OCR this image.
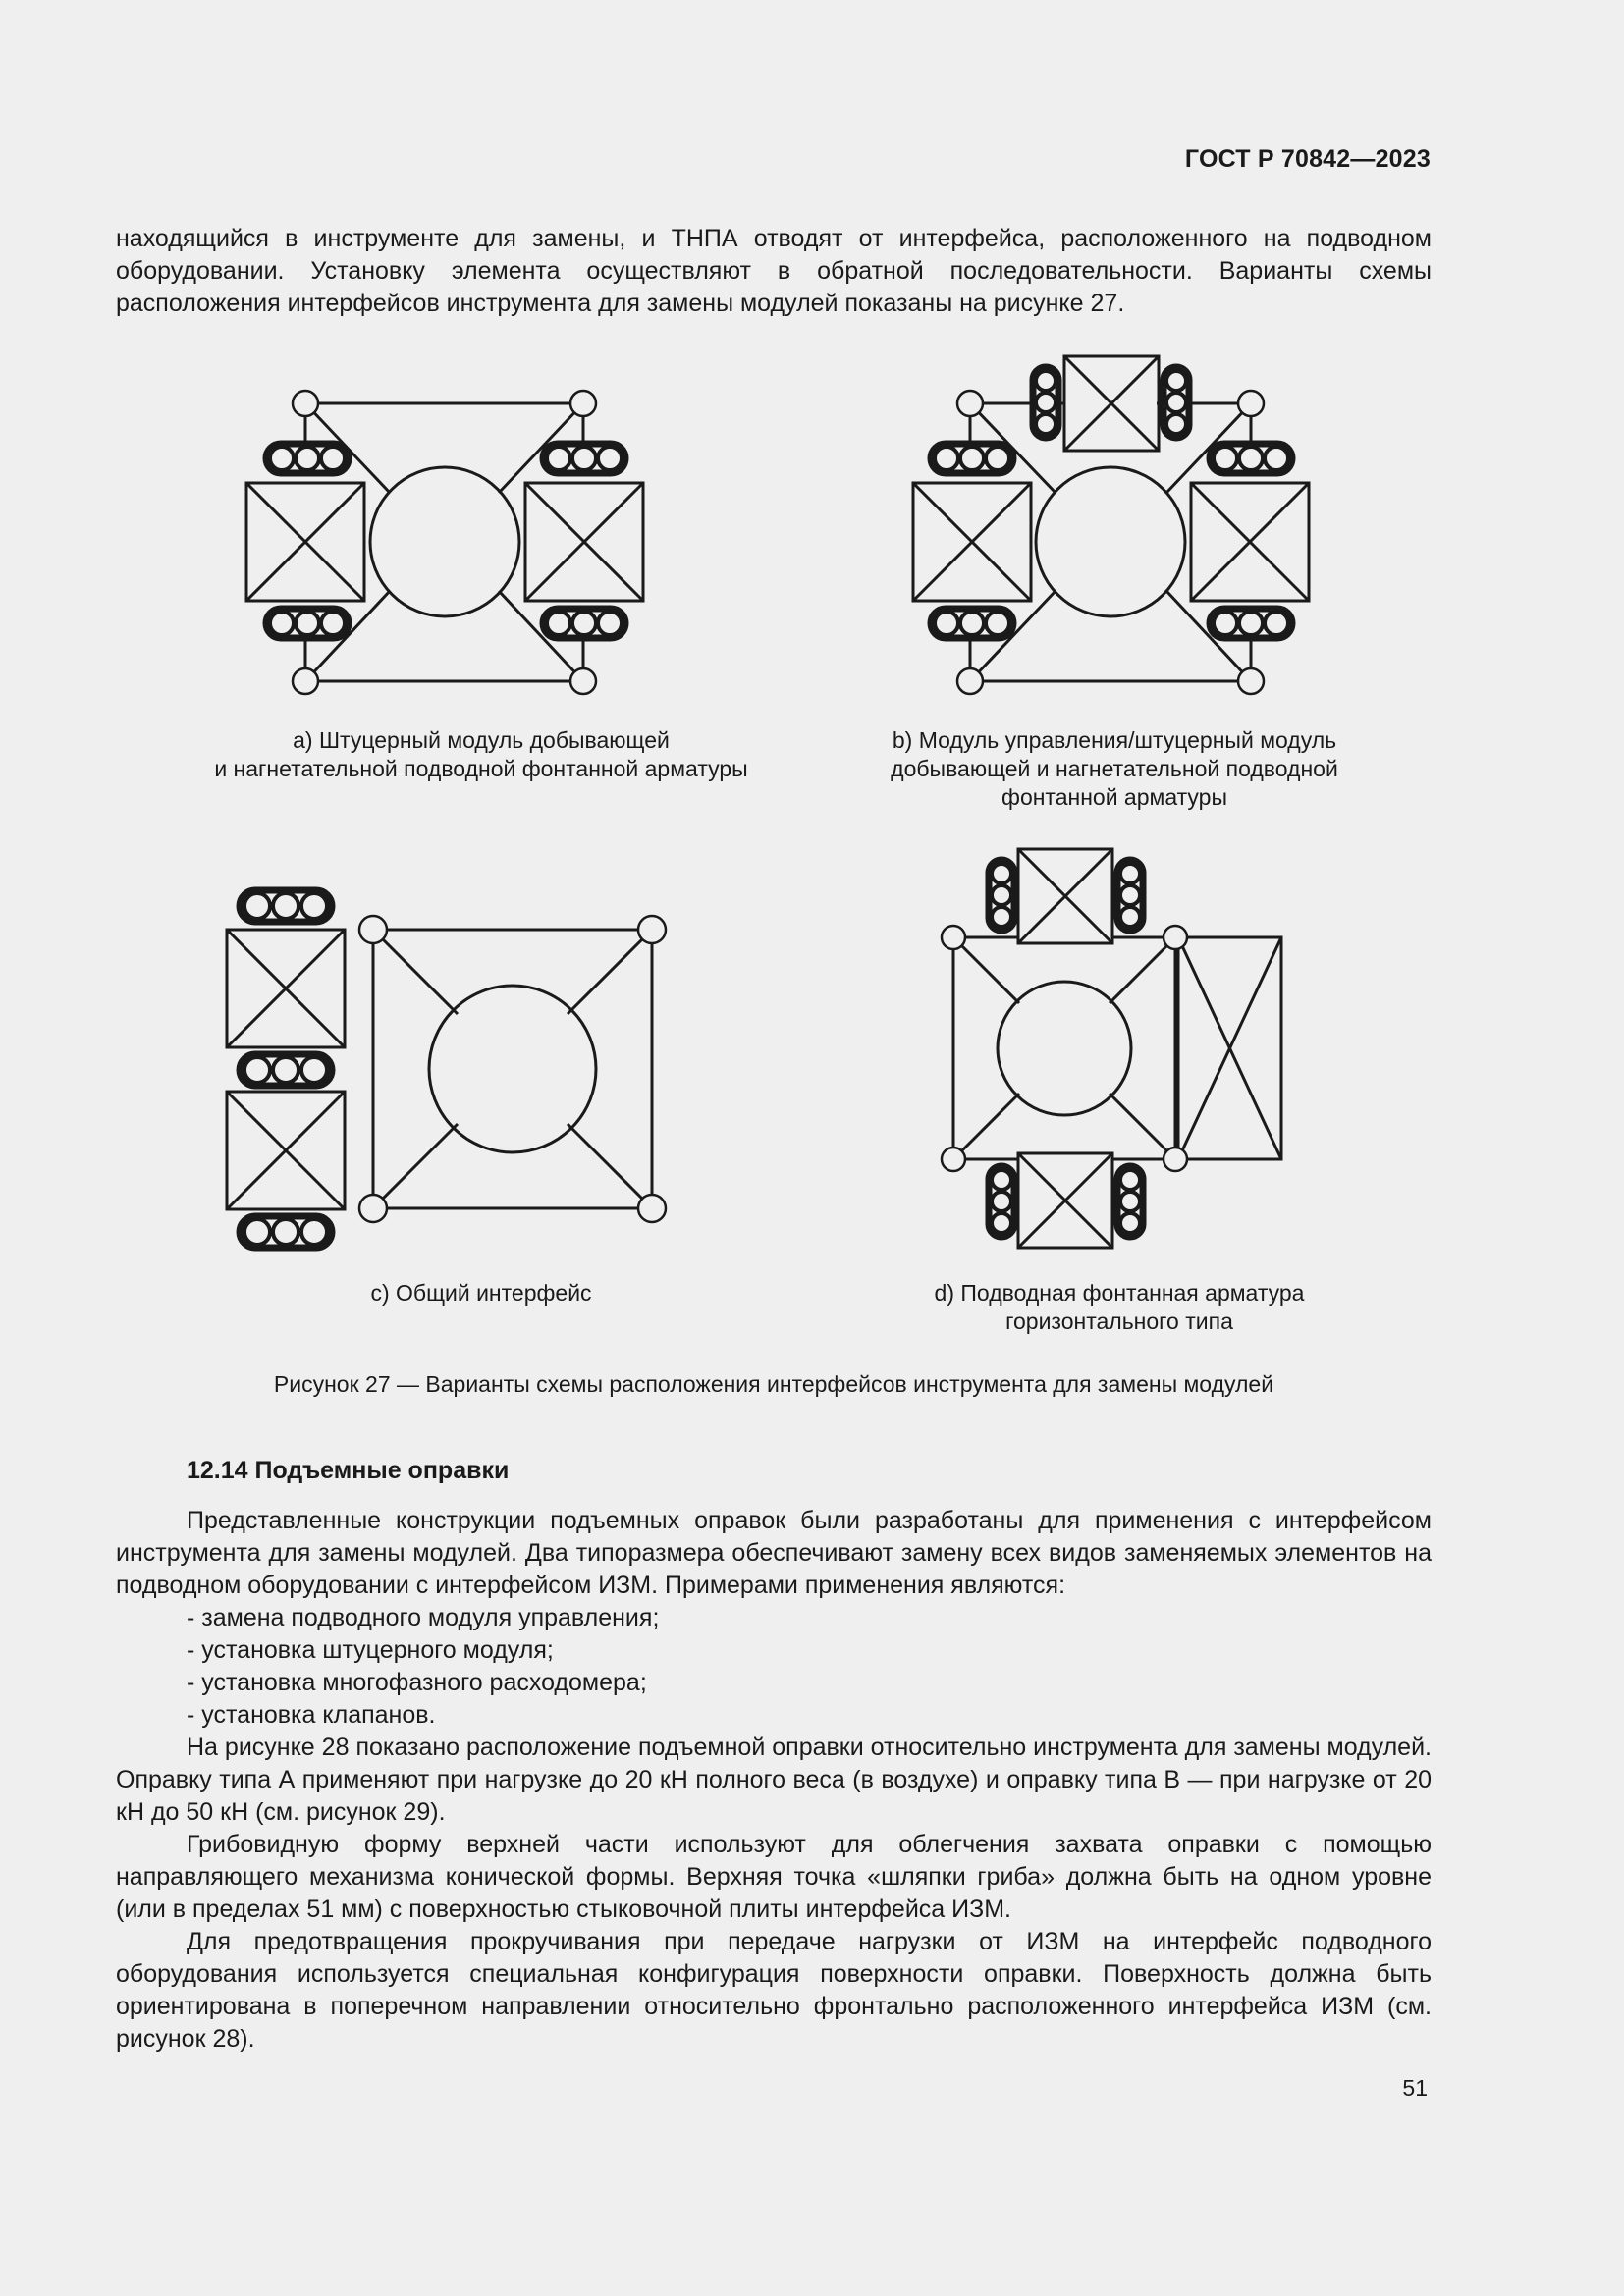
ГОСТ Р 70842—2023
находящийся в инструменте для замены, и ТНПА отводят от интерфейса, расположенного на подводном оборудовании. Установку элемента осуществляют в обратной последовательности. Варианты схемы расположения интерфейсов инструмента для замены модулей показаны на рисунке 27.
a) Штуцерный модуль добывающей
и нагнетательной подводной фонтанной арматуры
b) Модуль управления/штуцерный модуль
добывающей и нагнетательной подводной
фонтанной арматуры
c) Общий интерфейс	d) Подводная фонтанная арматура
горизонтального типа
Рисунок 27 — Варианты схемы расположения интерфейсов инструмента для замены модулей
12.14 Подъемные оправки

Представленные конструкции подъемных оправок были разработаны для применения с интерфейсом инструмента для замены модулей. Два типоразмера обеспечивают замену всех видов заменяемых элементов на подводном оборудовании с интерфейсом ИЗМ. Примерами применения являются:

- замена подводного модуля управления;
- установка штуцерного модуля;
- установка многофазного расходомера;
- установка клапанов.

На рисунке 28 показано расположение подъемной оправки относительно инструмента для замены модулей. Оправку типа А применяют при нагрузке до 20 кН полного веса (в воздухе) и оправку типа В — при нагрузке от 20 кН до 50 кН (см. рисунок 29).

Грибовидную форму верхней части используют для облегчения захвата оправки с помощью направляющего механизма конической формы. Верхняя точка «шляпки гриба» должна быть на одном уровне (или в пределах 51 мм) с поверхностью стыковочной плиты интерфейса ИЗМ.

Для предотвращения прокручивания при передаче нагрузки от ИЗМ на интерфейс подводного оборудования используется специальная конфигурация поверхности оправки. Поверхность должна быть ориентирована в поперечном направлении относительно фронтально расположенного интерфейса ИЗМ (см. рисунок 28).

51
